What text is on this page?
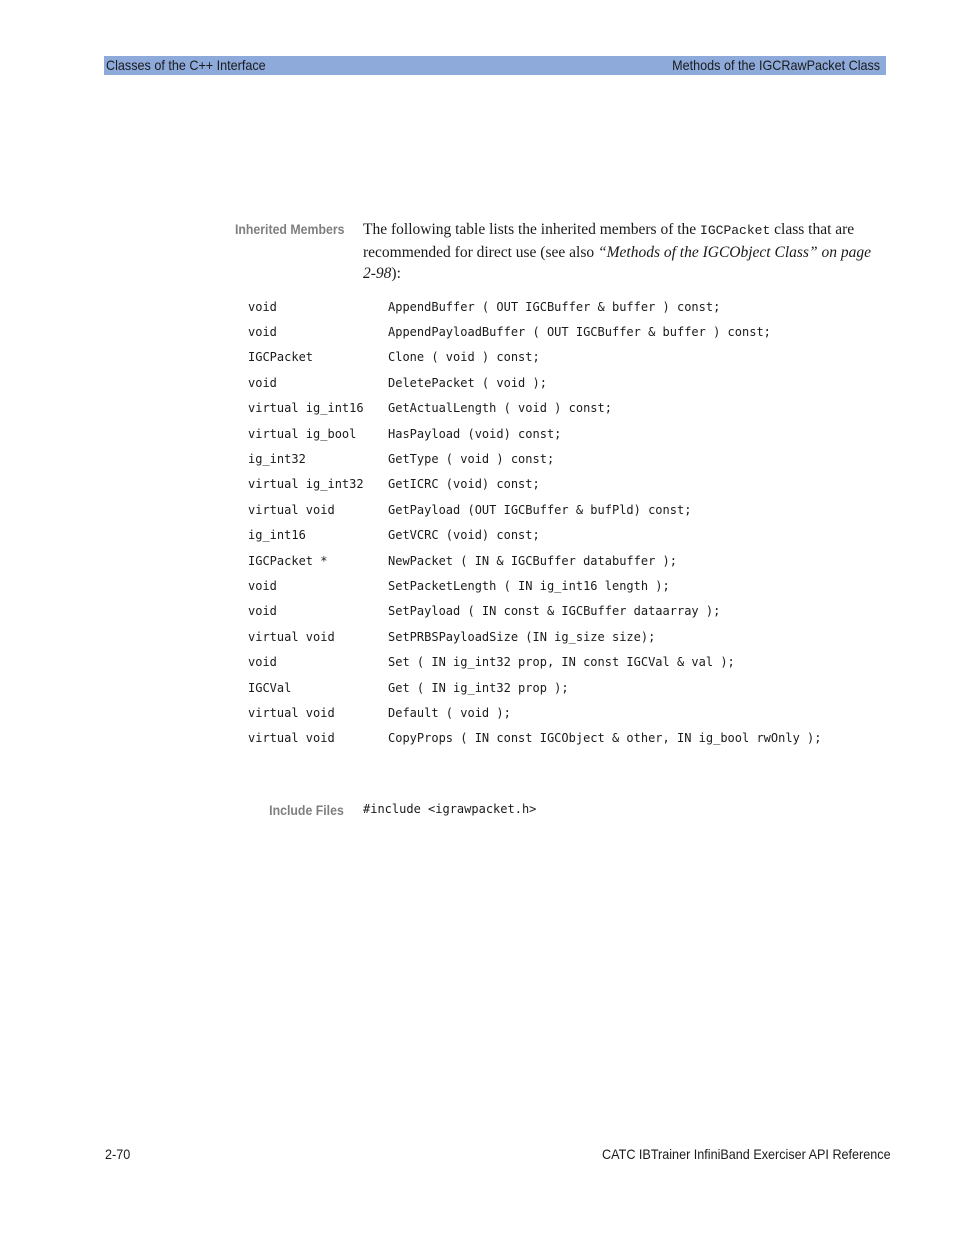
Classes of the C++ Interface	Methods of the IGCRawPacket Class
Inherited Members The following table lists the inherited members of the IGCPacket class that are recommended for direct use (see also “Methods of the IGCObject Class” on page 2-98):
void	AppendBuffer ( OUT IGCBuffer & buffer ) const;
void	AppendPayloadBuffer ( OUT IGCBuffer & buffer ) const;
IGCPacket	Clone ( void ) const;
void	DeletePacket ( void );
virtual ig_int16	GetActualLength ( void ) const;
virtual ig_bool	HasPayload (void) const;
ig_int32	GetType ( void ) const;
virtual ig_int32	GetICRC (void) const;
virtual void	GetPayload (OUT IGCBuffer & bufPld) const;
ig_int16	GetVCRC (void) const;
IGCPacket *	NewPacket ( IN & IGCBuffer databuffer );
void	SetPacketLength ( IN ig_int16 length );
void	SetPayload ( IN const & IGCBuffer dataarray );
virtual void	SetPRBSPayloadSize (IN ig_size size);
void	Set ( IN ig_int32 prop, IN const IGCVal & val );
IGCVal	Get ( IN ig_int32 prop );
virtual void	Default ( void );
virtual void	CopyProps ( IN const IGCObject & other, IN ig_bool rwOnly );
Include Files #include <igrawpacket.h>
2-70	CATC IBTrainer InfiniBand Exerciser API Reference
